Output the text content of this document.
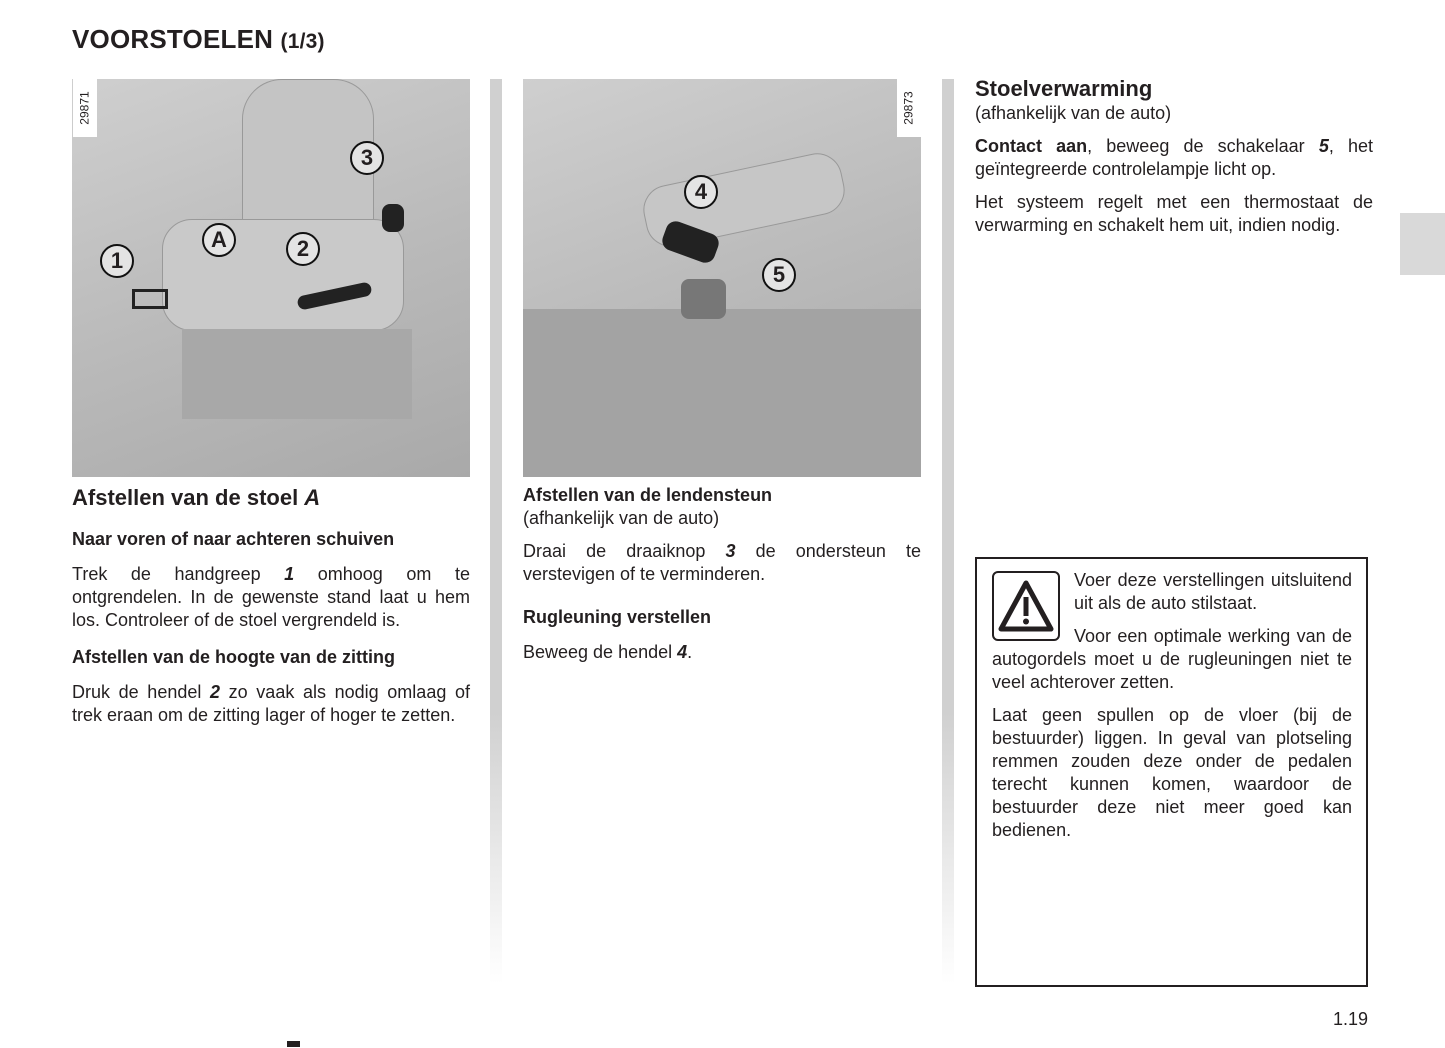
VOORSTOELEN (1/3)
29871
1
A	2
3
29873
4
5
Afstellen van de stoel A
Naar voren of naar achteren schuiven

Trek de handgreep 1 omhoog om te ontgrendelen. In de gewenste stand laat u hem los. Controleer of de stoel vergrendeld is.

Afstellen van de hoogte van de zitting

Druk de hendel 2 zo vaak als nodig omlaag of trek eraan om de zitting lager of hoger te zetten.

Afstellen van de lendensteun
(afhankelijk van de auto)

Draai de draaiknop 3 de ondersteun te verstevigen of te verminderen.

Rugleuning verstellen

Beweeg de hendel 4.

Stoelverwarming
(afhankelijk van de auto)

Contact aan, beweeg de schakelaar 5, het geïntegreerde controlelampje licht op.

Het systeem regelt met een thermostaat de verwarming en schakelt hem uit, indien nodig.

Voer deze verstellingen uitsluitend uit als de auto stilstaat.

Voor een optimale werking van de autogordels moet u de rugleuningen niet te veel achterover zetten.

Laat geen spullen op de vloer (bij de bestuurder) liggen. In geval van plotseling remmen zouden deze onder de pedalen terecht kunnen komen, waardoor de bestuurder deze niet meer goed kan bedienen.

1.19
